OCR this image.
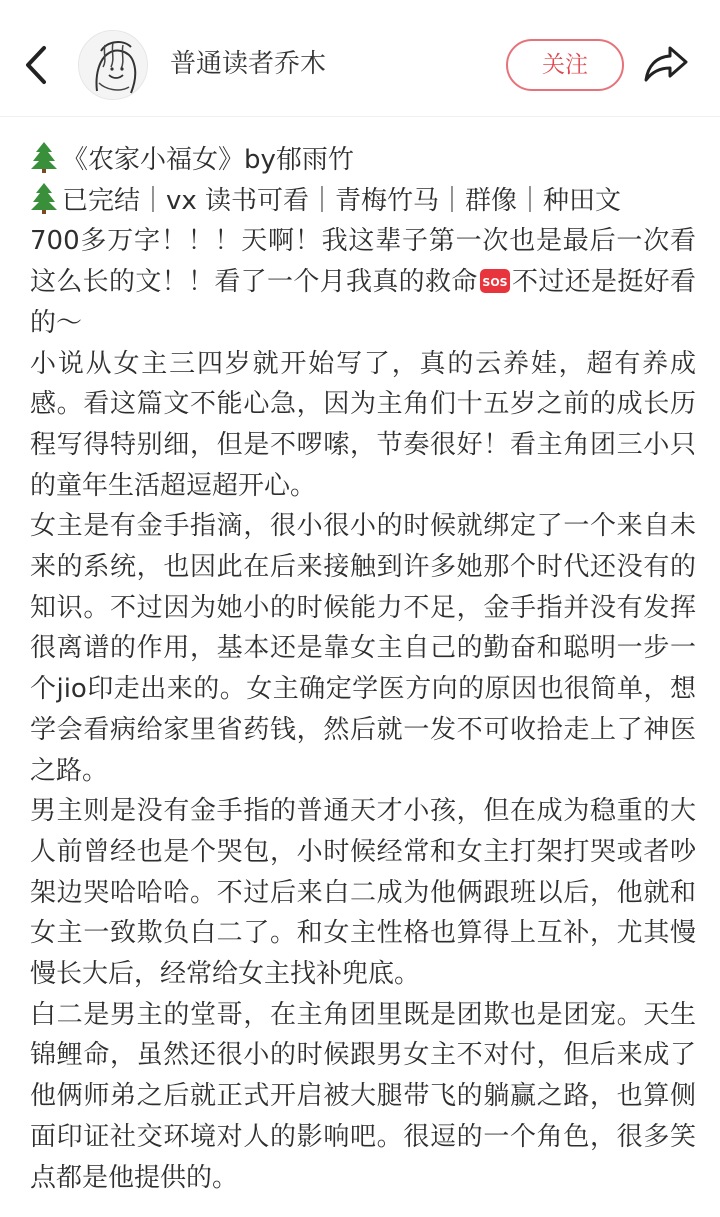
普通读者乔木	关注

《农家小福女》by郁雨竹

已完结｜vx 读书可看｜青梅竹马｜群像｜种田文

700多万字！！！天啊！我这辈子第一次也是最后一次看这么长的文！！看了一个月我真的救命 SOS 不过还是挺好看的～

小说从女主三四岁就开始写了，真的云养娃，超有养成感。看这篇文不能心急，因为主角们十五岁之前的成长历程写得特别细，但是不啰嗦，节奏很好！看主角团三小只的童年生活超逗超开心。

女主是有金手指滴，很小很小的时候就绑定了一个来自未来的系统，也因此在后来接触到许多她那个时代还没有的知识。不过因为她小的时候能力不足，金手指并没有发挥很离谱的作用，基本还是靠女主自己的勤奋和聪明一步一个jio印走出来的。女主确定学医方向的原因也很简单，想学会看病给家里省药钱，然后就一发不可收拾走上了神医之路。

男主则是没有金手指的普通天才小孩，但在成为稳重的大人前曾经也是个哭包，小时候经常和女主打架打哭或者吵架边哭哈哈哈。不过后来白二成为他俩跟班以后，他就和女主一致欺负白二了。和女主性格也算得上互补，尤其慢慢长大后，经常给女主找补兜底。

白二是男主的堂哥，在主角团里既是团欺也是团宠。天生锦鲤命，虽然还很小的时候跟男女主不对付，但后来成了他俩师弟之后就正式开启被大腿带飞的躺赢之路，也算侧面印证社交环境对人的影响吧。很逗的一个角色，很多笑点都是他提供的。
